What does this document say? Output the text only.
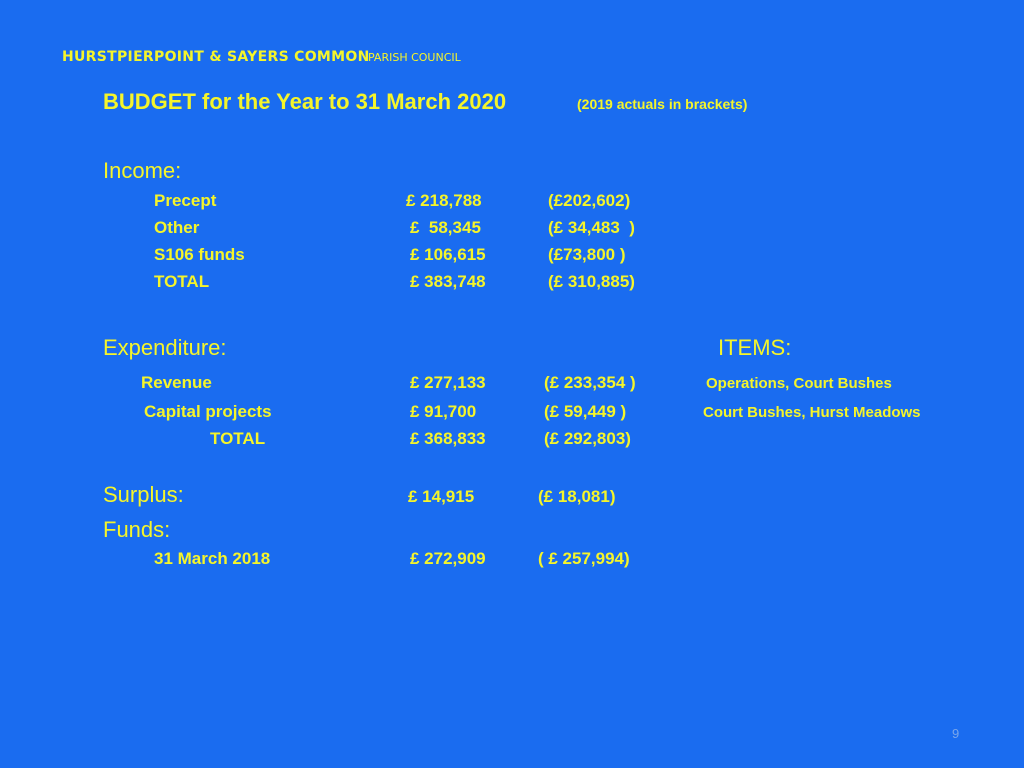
HURSTPIERPOINT & SAYERS COMMON
PARISH COUNCIL
BUDGET for the Year to 31 March 2020	(2019 actuals in brackets)
Income:
Precept	£ 218,788	(£202,602)
Other	£  58,345	(£ 34,483  )
S106 funds	£ 106,615	(£73,800 )
TOTAL	£ 383,748	(£ 310,885)
Expenditure:	ITEMS:
Revenue	£ 277,133	(£ 233,354 )	Operations, Court Bushes
Capital projects	£ 91,700	(£ 59,449 )	Court Bushes, Hurst Meadows
TOTAL	£ 368,833	(£ 292,803)
Surplus:	£ 14,915	(£ 18,081)
Funds:
31 March 2018	£ 272,909	( £ 257,994)
9
